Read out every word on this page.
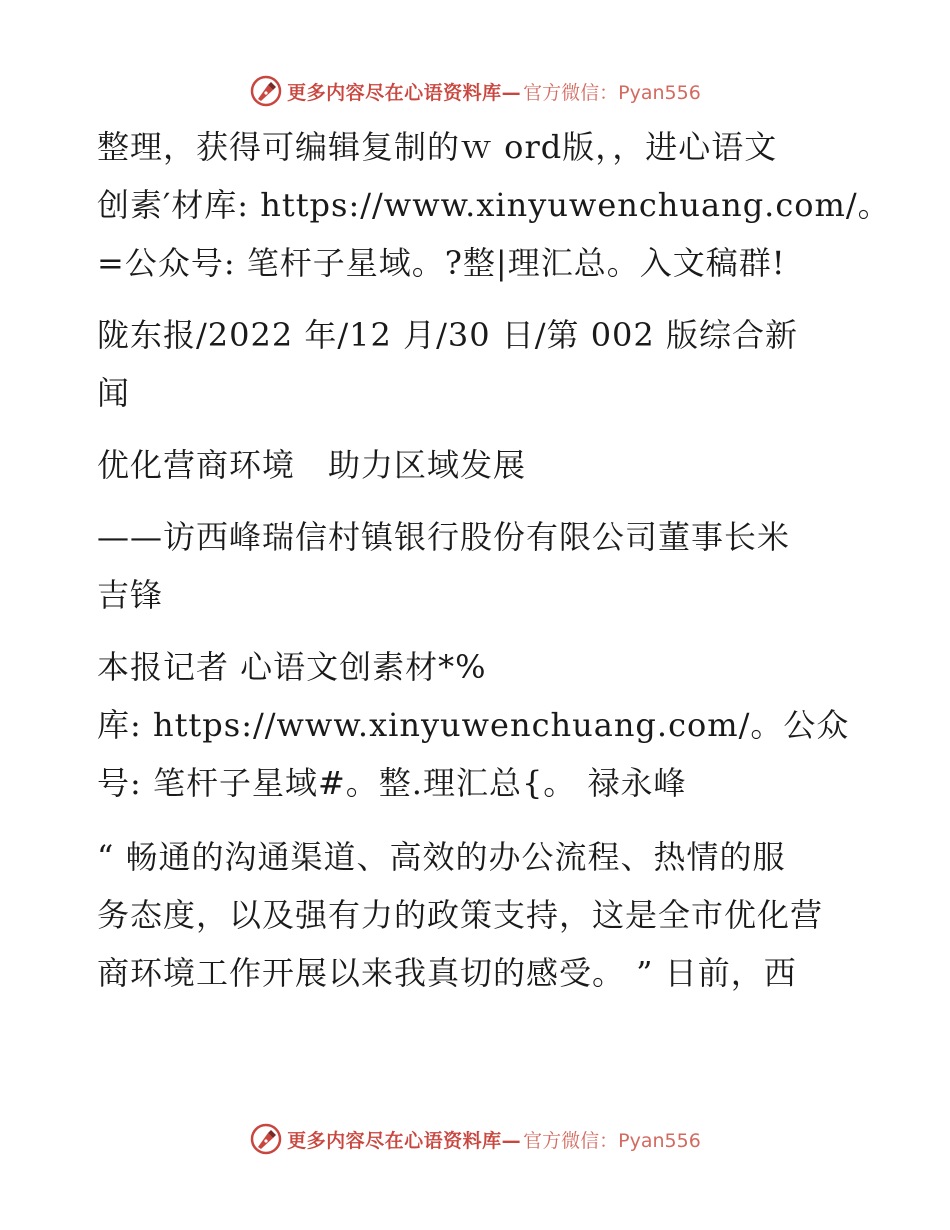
更多内容尽在心语资料库— 官方微信：Pyan556
整理，获得可编辑复制的ｗ ord版，，进心语文
创素′材库: https://www.xinyuwenchuang.com/。
=公众号: 笔杆子星域。?整|理汇总。入文稿群!
陇东报/2022 年/12 月/30 日/第 002 版综合新
闻
优化营商环境　助力区域发展
——访西峰瑞信村镇银行股份有限公司董事长米
吉锋
本报记者 心语文创素材*%
库: https://www.xinyuwenchuang.com/。公众
号: 笔杆子星域#。整.理汇总{。 禄永峰
“ 畅通的沟通渠道、高效的办公流程、热情的服
务态度，以及强有力的政策支持，这是全市优化营
商环境工作开展以来我真切的感受。 ” 日前，西
更多内容尽在心语资料库— 官方微信：Pyan556
